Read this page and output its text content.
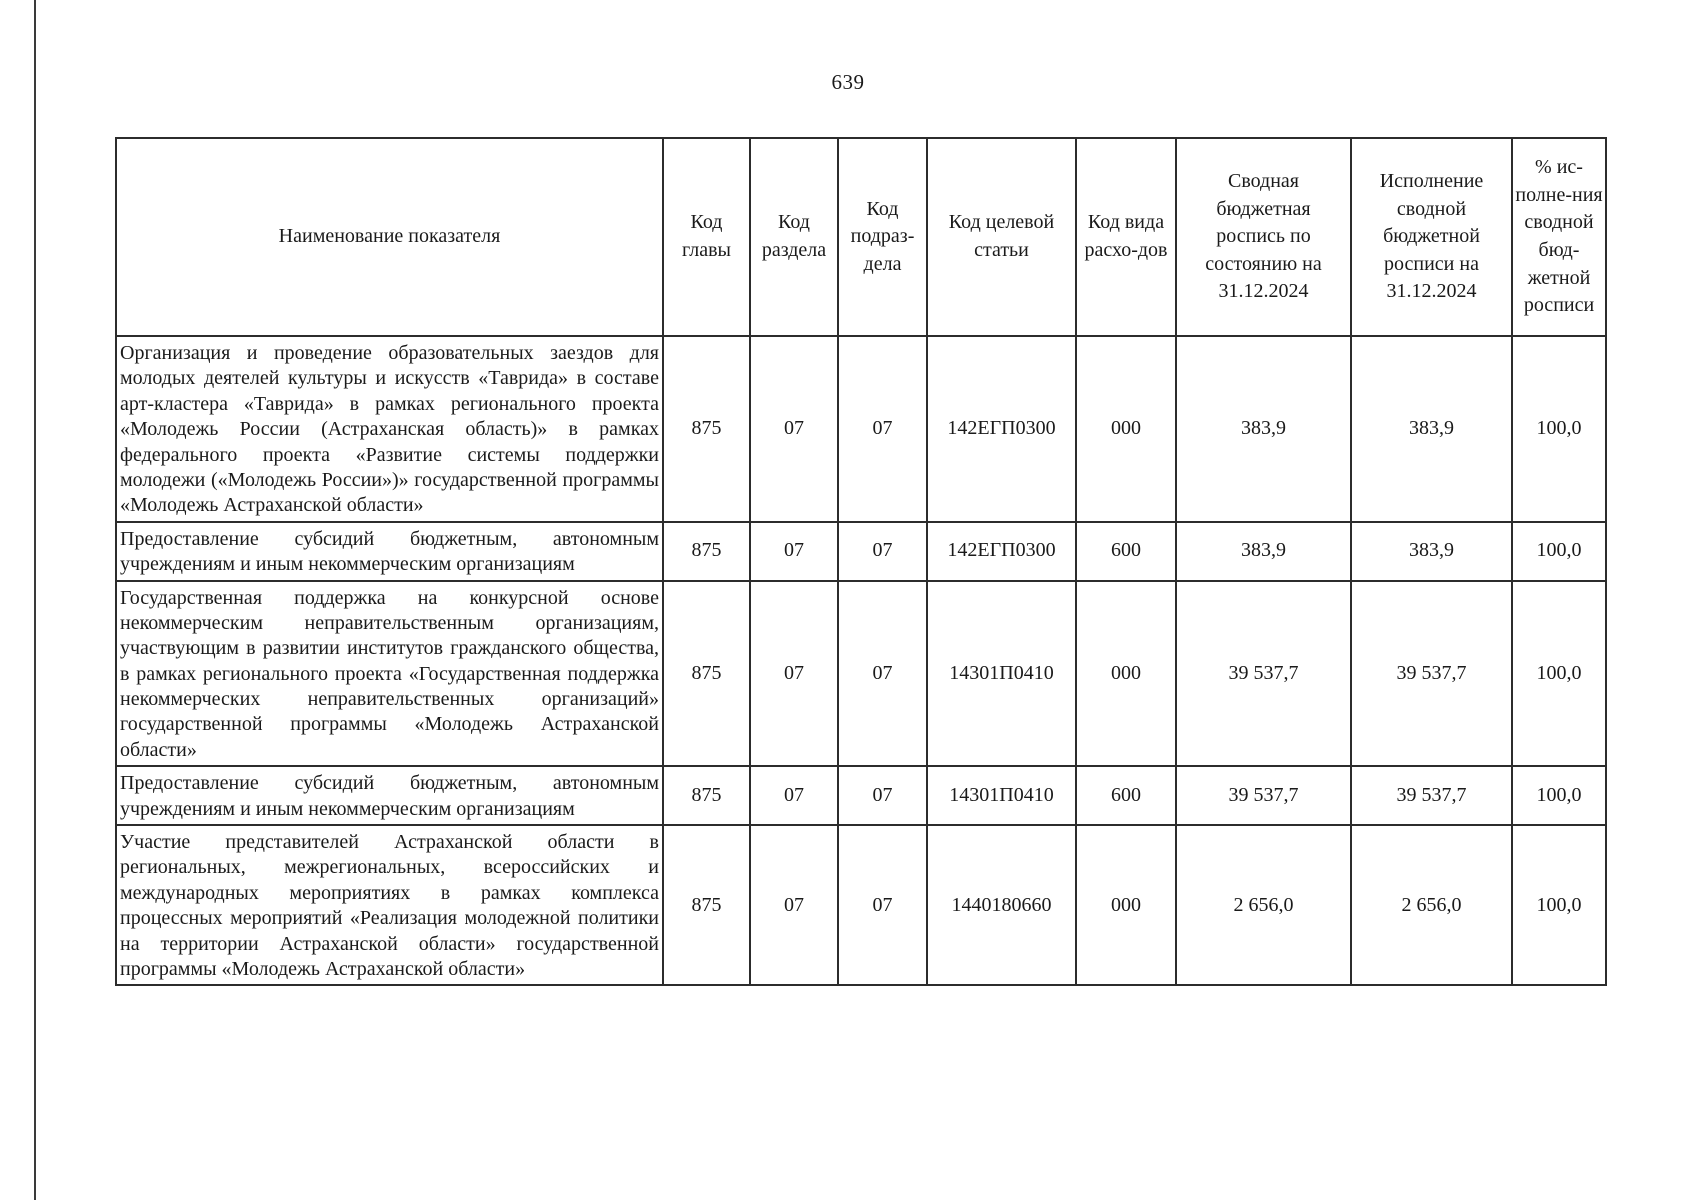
639
Наименование показателя	Код главы	Код раздела	Код подраз-дела	Код целевой статьи	Код вида расхо-дов	Сводная бюджетная роспись по состоянию на 31.12.2024	Исполнение сводной бюджетной росписи на 31.12.2024	% ис-полне-ния сводной бюд-жетной росписи
Организация и проведение образовательных заездов для молодых деятелей культуры и искусств «Таврида» в составе арт-кластера «Таврида» в рамках регионального проекта «Молодежь России (Астраханская область)» в рамках федерального проекта «Развитие системы поддержки молодежи («Молодежь России»)» государственной программы «Молодежь Астраханской области»	875	07	07	142ЕГП0300	000	383,9	383,9	100,0
Предоставление субсидий бюджетным, автономным учреждениям и иным некоммерческим организациям	875	07	07	142ЕГП0300	600	383,9	383,9	100,0
Государственная поддержка на конкурсной основе некоммерческим неправительственным организациям, участвующим в развитии институтов гражданского общества, в рамках регионального проекта «Государственная поддержка некоммерческих неправительственных организаций» государственной программы «Молодежь Астраханской области»	875	07	07	14301П0410	000	39 537,7	39 537,7	100,0
Предоставление субсидий бюджетным, автономным учреждениям и иным некоммерческим организациям	875	07	07	14301П0410	600	39 537,7	39 537,7	100,0
Участие представителей Астраханской области в региональных, межрегиональных, всероссийских и международных мероприятиях в рамках комплекса процессных мероприятий «Реализация молодежной политики на территории Астраханской области» государственной программы «Молодежь Астраханской области»	875	07	07	1440180660	000	2 656,0	2 656,0	100,0
